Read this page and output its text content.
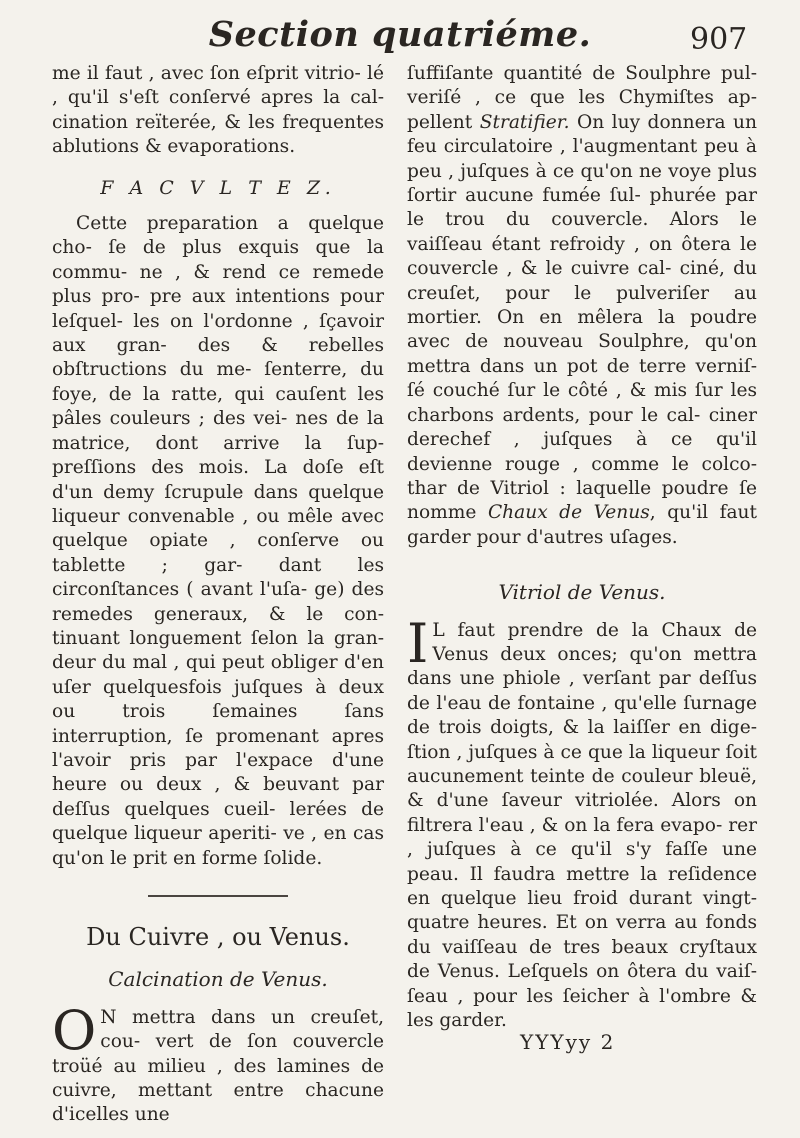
Section quatriéme.	907

me il faut , avec ſon eſprit vitrio- lé , qu'il s'eſt conſervé apres la cal- cination reïterée, & les frequentes ablutions & evaporations.

F A C V L T E Z.

Cette preparation a quelque cho- ſe de plus exquis que la commu- ne , & rend ce remede plus pro- pre aux intentions pour leſquel- les on l'ordonne , ſçavoir aux gran- des & rebelles obſtructions du me- ſenterre, du foye, de la ratte, qui cauſent les pâles couleurs ; des vei- nes de la matrice, dont arrive la ſup- preſſions des mois. La doſe eſt d'un demy ſcrupule dans quelque liqueur convenable , ou mêle avec quelque opiate , conſerve ou tablette ; gar- dant les circonſtances ( avant l'uſa- ge) des remedes generaux, & le con- tinuant longuement ſelon la gran- deur du mal , qui peut obliger d'en uſer quelquesfois juſques à deux ou trois ſemaines ſans interruption, ſe promenant apres l'avoir pris par l'expace d'une heure ou deux , & beuvant par deſſus quelques cueil- lerées de quelque liqueur aperiti- ve , en cas qu'on le prit en forme ſolide.

Du Cuivre , ou Venus.
Calcination de Venus.

O N mettra dans un creuſet, cou- vert de ſon couvercle troüé au milieu , des lamines de cuivre, mettant entre chacune d'icelles une

ſuffiſante quantité de Soulphre pul- veriſé , ce que les Chymiſtes ap- pellent Stratifier. On luy donnera un feu circulatoire , l'augmentant peu à peu , juſques à ce qu'on ne voye plus ſortir aucune fumée ſul- phurée par le trou du couvercle. Alors le vaiſſeau étant refroidy , on ôtera le couvercle , & le cuivre cal- ciné, du creuſet, pour le pulveriſer au mortier. On en mêlera la poudre avec de nouveau Soulphre, qu'on mettra dans un pot de terre verniſ- ſé couché ſur le côté , & mis ſur les charbons ardents, pour le cal- ciner derechef , juſques à ce qu'il devienne rouge , comme le colco- thar de Vitriol : laquelle poudre ſe nomme Chaux de Venus, qu'il faut garder pour d'autres uſages.

Vitriol de Venus.

I L faut prendre de la Chaux de Venus deux onces; qu'on mettra dans une phiole , verſant par deſſus de l'eau de fontaine , qu'elle ſurnage de trois doigts, & la laiſſer en dige- ſtion , juſques à ce que la liqueur ſoit aucunement teinte de couleur bleuë, & d'une ſaveur vitriolée. Alors on filtrera l'eau , & on la fera evapo- rer , juſques à ce qu'il s'y faſſe une peau. Il faudra mettre la reſidence en quelque lieu froid durant vingt- quatre heures. Et on verra au fonds du vaiſſeau de tres beaux cryſtaux de Venus. Leſquels on ôtera du vaiſ- ſeau , pour les ſeicher à l'ombre & les garder.

YYYyy 2
